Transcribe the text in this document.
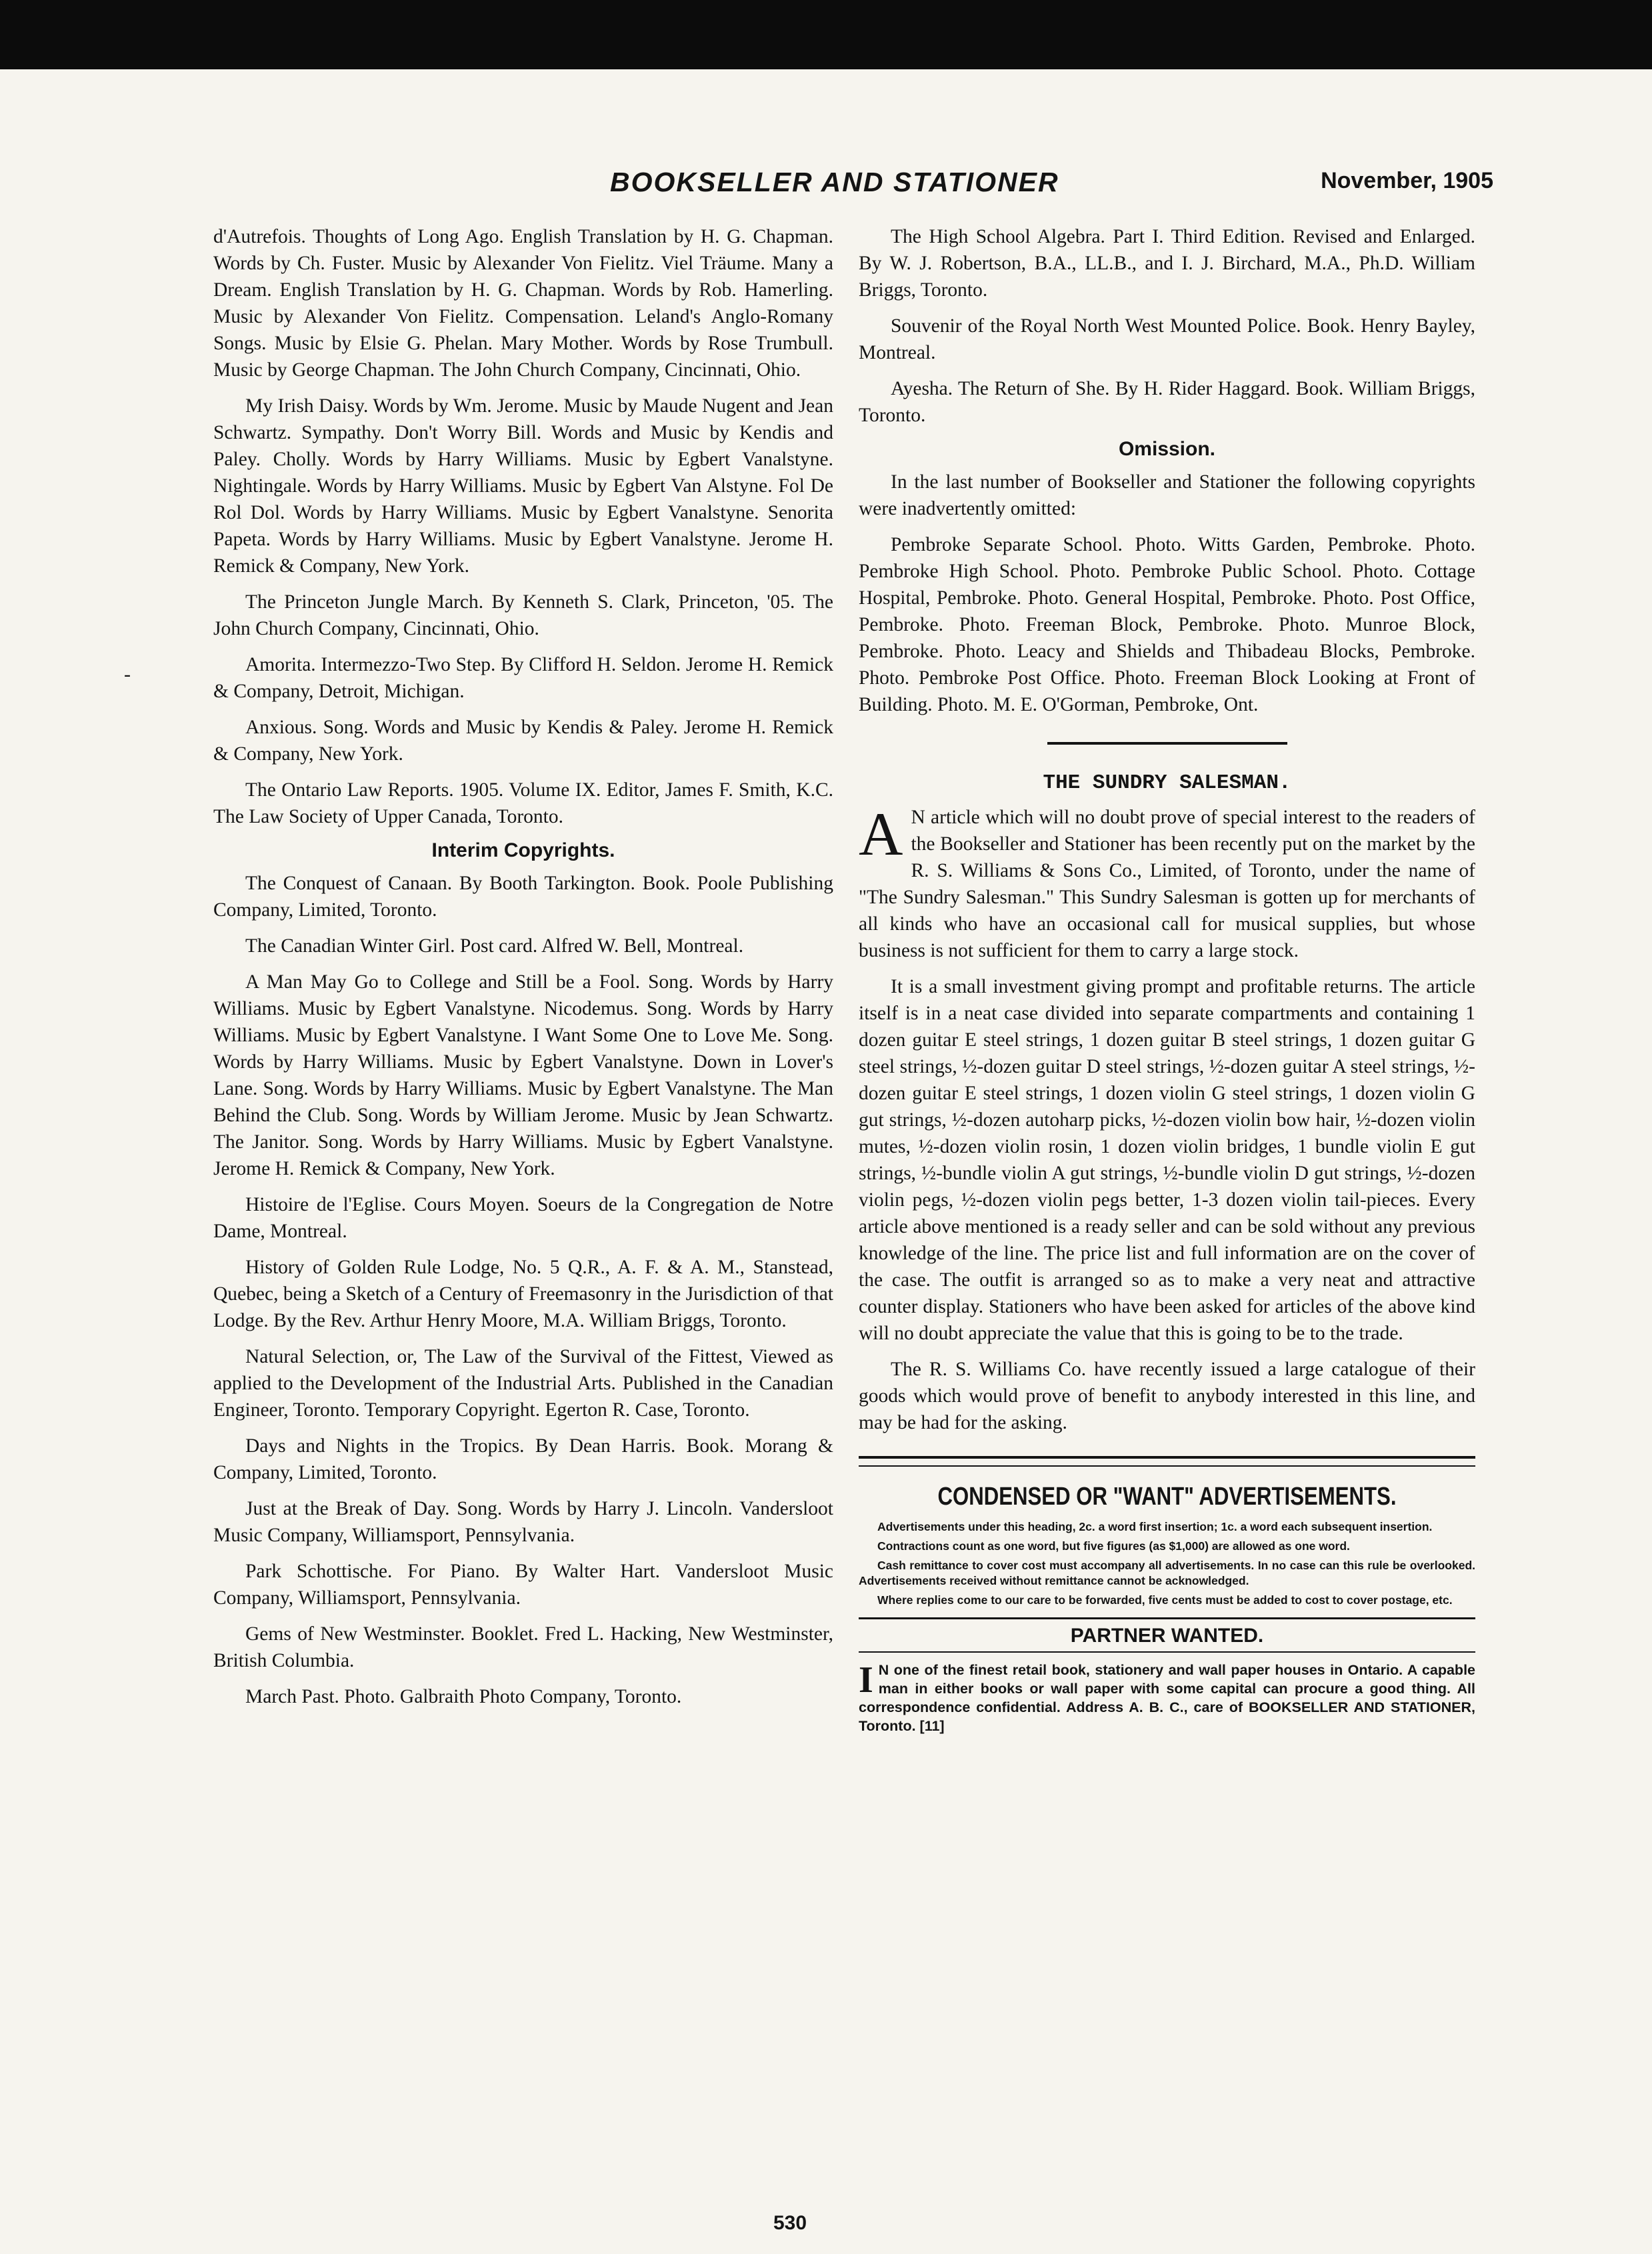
BOOKSELLER AND STATIONER	November, 1905
-

d'Autrefois. Thoughts of Long Ago. English Translation by H. G. Chapman. Words by Ch. Fuster. Music by Alexander Von Fielitz. Viel Träume. Many a Dream. English Translation by H. G. Chapman. Words by Rob. Hamerling. Music by Alexander Von Fielitz. Compensation. Leland's Anglo-Romany Songs. Music by Elsie G. Phelan. Mary Mother. Words by Rose Trumbull. Music by George Chapman. The John Church Company, Cincinnati, Ohio.

My Irish Daisy. Words by Wm. Jerome. Music by Maude Nugent and Jean Schwartz. Sympathy. Don't Worry Bill. Words and Music by Kendis and Paley. Cholly. Words by Harry Williams. Music by Egbert Vanalstyne. Nightingale. Words by Harry Williams. Music by Egbert Van Alstyne. Fol De Rol Dol. Words by Harry Williams. Music by Egbert Vanalstyne. Senorita Papeta. Words by Harry Williams. Music by Egbert Vanalstyne. Jerome H. Remick & Company, New York.

The Princeton Jungle March. By Kenneth S. Clark, Princeton, '05. The John Church Company, Cincinnati, Ohio.

Amorita. Intermezzo-Two Step. By Clifford H. Seldon. Jerome H. Remick & Company, Detroit, Michigan.

Anxious. Song. Words and Music by Kendis & Paley. Jerome H. Remick & Company, New York.

The Ontario Law Reports. 1905. Volume IX. Editor, James F. Smith, K.C. The Law Society of Upper Canada, Toronto.

Interim Copyrights.

The Conquest of Canaan. By Booth Tarkington. Book. Poole Publishing Company, Limited, Toronto.

The Canadian Winter Girl. Post card. Alfred W. Bell, Montreal.

A Man May Go to College and Still be a Fool. Song. Words by Harry Williams. Music by Egbert Vanalstyne. Nicodemus. Song. Words by Harry Williams. Music by Egbert Vanalstyne. I Want Some One to Love Me. Song. Words by Harry Williams. Music by Egbert Vanalstyne. Down in Lover's Lane. Song. Words by Harry Williams. Music by Egbert Vanalstyne. The Man Behind the Club. Song. Words by William Jerome. Music by Jean Schwartz. The Janitor. Song. Words by Harry Williams. Music by Egbert Vanalstyne. Jerome H. Remick & Company, New York.

Histoire de l'Eglise. Cours Moyen. Soeurs de la Congregation de Notre Dame, Montreal.

History of Golden Rule Lodge, No. 5 Q.R., A. F. & A. M., Stanstead, Quebec, being a Sketch of a Century of Freemasonry in the Jurisdiction of that Lodge. By the Rev. Arthur Henry Moore, M.A. William Briggs, Toronto.

Natural Selection, or, The Law of the Survival of the Fittest, Viewed as applied to the Development of the Industrial Arts. Published in the Canadian Engineer, Toronto. Temporary Copyright. Egerton R. Case, Toronto.

Days and Nights in the Tropics. By Dean Harris. Book. Morang & Company, Limited, Toronto.

Just at the Break of Day. Song. Words by Harry J. Lincoln. Vandersloot Music Company, Williamsport, Pennsylvania.

Park Schottische. For Piano. By Walter Hart. Vandersloot Music Company, Williamsport, Pennsylvania.

Gems of New Westminster. Booklet. Fred L. Hacking, New Westminster, British Columbia.

March Past. Photo. Galbraith Photo Company, Toronto.

The High School Algebra. Part I. Third Edition. Revised and Enlarged. By W. J. Robertson, B.A., LL.B., and I. J. Birchard, M.A., Ph.D. William Briggs, Toronto.

Souvenir of the Royal North West Mounted Police. Book. Henry Bayley, Montreal.

Ayesha. The Return of She. By H. Rider Haggard. Book. William Briggs, Toronto.

Omission.

In the last number of Bookseller and Stationer the following copyrights were inadvertently omitted:

Pembroke Separate School. Photo. Witts Garden, Pembroke. Photo. Pembroke High School. Photo. Pembroke Public School. Photo. Cottage Hospital, Pembroke. Photo. General Hospital, Pembroke. Photo. Post Office, Pembroke. Photo. Freeman Block, Pembroke. Photo. Munroe Block, Pembroke. Photo. Leacy and Shields and Thibadeau Blocks, Pembroke. Photo. Pembroke Post Office. Photo. Freeman Block Looking at Front of Building. Photo. M. E. O'Gorman, Pembroke, Ont.

THE SUNDRY SALESMAN.

A N article which will no doubt prove of special interest to the readers of the Bookseller and Stationer has been recently put on the market by the R. S. Williams & Sons Co., Limited, of Toronto, under the name of "The Sundry Salesman." This Sundry Salesman is gotten up for merchants of all kinds who have an occasional call for musical supplies, but whose business is not sufficient for them to carry a large stock.

It is a small investment giving prompt and profitable returns. The article itself is in a neat case divided into separate compartments and containing 1 dozen guitar E steel strings, 1 dozen guitar B steel strings, 1 dozen guitar G steel strings, ½-dozen guitar D steel strings, ½-dozen guitar A steel strings, ½-dozen guitar E steel strings, 1 dozen violin G steel strings, 1 dozen violin G gut strings, ½-dozen autoharp picks, ½-dozen violin bow hair, ½-dozen violin mutes, ½-dozen violin rosin, 1 dozen violin bridges, 1 bundle violin E gut strings, ½-bundle violin A gut strings, ½-bundle violin D gut strings, ½-dozen violin pegs, ½-dozen violin pegs better, 1-3 dozen violin tail-pieces. Every article above mentioned is a ready seller and can be sold without any previous knowledge of the line. The price list and full information are on the cover of the case. The outfit is arranged so as to make a very neat and attractive counter display. Stationers who have been asked for articles of the above kind will no doubt appreciate the value that this is going to be to the trade.

The R. S. Williams Co. have recently issued a large catalogue of their goods which would prove of benefit to anybody interested in this line, and may be had for the asking.

CONDENSED OR "WANT" ADVERTISEMENTS.

Advertisements under this heading, 2c. a word first insertion; 1c. a word each subsequent insertion.

Contractions count as one word, but five figures (as $1,000) are allowed as one word.

Cash remittance to cover cost must accompany all advertisements. In no case can this rule be overlooked. Advertisements received without remittance cannot be acknowledged.

Where replies come to our care to be forwarded, five cents must be added to cost to cover postage, etc.

PARTNER WANTED.

I N one of the finest retail book, stationery and wall paper houses in Ontario. A capable man in either books or wall paper with some capital can procure a good thing. All correspondence confidential. Address A. B. C., care of BOOKSELLER AND STATIONER, Toronto. [11]

530
